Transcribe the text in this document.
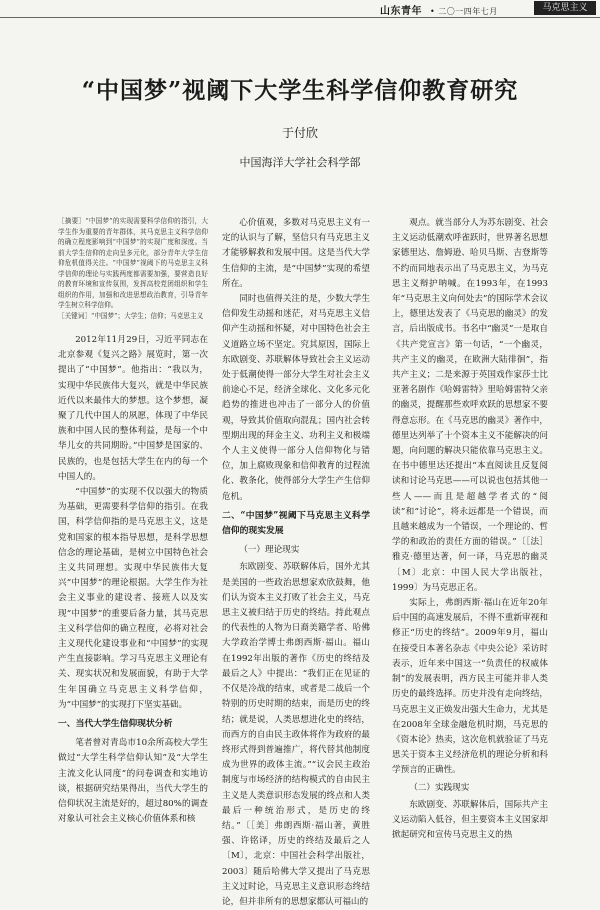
山东青年 • 二〇一四年七月	马克思主义
“中国梦”视阈下大学生科学信仰教育研究
于付欣
中国海洋大学社会科学部

［摘要］“中国梦”的实现需要科学信仰的指引，大学生作为重要的青年群体，其马克思主义科学信仰的确立程度影响到“中国梦”的实现广度和深度。当前大学生信仰的走向呈多元化，部分青年大学生信仰危机值得关注。“中国梦”视阈下的马克思主义科学信仰的理论与实践两度都需要加强，要营造良好的教育环境和宣传氛围，发挥高校党团组织和学生组织的作用，加强和改进思想政治教育，引导青年学生树立科学信仰。

［关键词］“中国梦”；大学生；信仰；马克思主义

2012年11月29日，习近平同志在北京参观《复兴之路》展览时，第一次提出了“中国梦”。他指出：“我以为，实现中华民族伟大复兴，就是中华民族近代以来最伟大的梦想。这个梦想，凝聚了几代中国人的夙愿，体现了中华民族和中国人民的整体利益，是每一个中华儿女的共同期盼。”中国梦是国家的、民族的，也是包括大学生在内的每一个中国人的。

“中国梦”的实现不仅以强大的物质为基础，更需要科学信仰的指引。在我国，科学信仰指的是马克思主义，这是党和国家的根本指导思想，是科学思想信念的理论基础，是树立中国特色社会主义共同理想。实现中华民族伟大复兴“中国梦”的理论根据。大学生作为社会主义事业的建设者、接班人以及实现“中国梦”的重要后备力量，其马克思主义科学信仰的确立程度，必将对社会主义现代化建设事业和“中国梦”的实现产生直接影响。学习马克思主义理论有关、现实状况和发展面貌，有助于大学生年国确立马克思主义科学信仰，为“中国梦”的实现打下坚实基础。

一、当代大学生信仰现状分析

笔者曾对青岛市10余所高校大学生做过“大学生科学信仰认知”及“大学生主流文化认同度”的问卷调查和实地访谈，根据研究结果得出，当代大学生的信仰状况主流是好的，超过80%的调查对象认可社会主义核心价值体系和核

心价值观，多数对马克思主义有一定的认识与了解，坚信只有马克思主义才能够解救和发展中国。这是当代大学生信仰的主流，是“中国梦”实现的希望所在。

同时也值得关注的是，少数大学生信仰发生动摇和迷茫，对马克思主义信仰产生动摇和怀疑，对中国特色社会主义道路立场不坚定。究其原因，国际上东欧剧变、苏联解体导致社会主义运动处于低潮使得一部分大学生对社会主义前途心不足，经济全球化、文化多元化趋势的推进也冲击了一部分人的价值观，导致其价值取向混乱；国内社会转型期出现的拜金主义、功利主义和极端个人主义使得一部分人信仰物化与错位，加上腐败现象和信仰教育的过程流化、教条化，使得部分大学生产生信仰危机。

二、“中国梦”视阈下马克思主义科学信仰的现实发展

（一）理论现实

东欧剧变、苏联解体后，国外尤其是美国的一些政治思想家欢欣鼓舞，他们认为资本主义打败了社会主义，马克思主义被归结于历史的终结。持此观点的代表性的人物为日裔美籍学者、哈佛大学政治学博士弗朗西斯·福山。福山在1992年出版的著作《历史的终结及最后之人》中提出：“我们正在见证的不仅是冷战的结束，或者是二战后一个特别的历史时期的结束，而是历史的终结；就是说，人类思想进化史的终结，而西方的自由民主政体将作为政府的最终形式得到普遍推广，将代替其他制度成为世界的政体主流。”“议会民主政治制度与市场经济的结构模式的自由民主主义是人类意识形态发展的终点和人类最后一种统治形式，是历史的终结。”〔［美］弗朗西斯·福山著，黄胜强、许铭译，历史的终结及最后之人〔M〕，北京：中国社会科学出版社，2003〕随后哈佛大学又提出了马克思主义过时论，马克思主义意识形态终结论，但并非所有的思想家都认可福山的

观点。就当部分人为苏东剧变、社会主义运动低潮欢呼雀跃时，世界著名思想家德里达、詹姆逊、哈贝马斯、吉登斯等不约而同地表示出了马克思主义，为马克思主义辩护呐喊。在1993年，在1993年“马克思主义向何处去”的国际学术会议上，德里达发表了《马克思的幽灵》的发言，后出版成书。书名中“幽灵”一是取自《共产党宣言》第一句话，“一个幽灵，共产主义的幽灵，在欧洲大陆徘徊”，指共产主义；二是来源于英国戏作家莎士比亚著名剧作《哈姆雷特》里哈姆雷特父亲的幽灵，提醒那些欢呼欢跃的思想家不要得意忘形。在《马克思的幽灵》著作中，德里达列举了十个资本主义不能解决的问题，向问题的解决只能依靠马克思主义。在书中德里达还提出“本直阅读且反复阅读和讨论马克思——可以说也包括其他一些人——而且是超越学者式的“阅读”和“讨论”，将永远都是一个错误，而且越来越成为一个错误，一个理论的、哲学的和政治的责任方面的错误。”〔［法］雅克·德里达著，何一译，马克思的幽灵〔M〕北京：中国人民大学出版社，1999〕为马克思正名。

实际上，弗朗西斯·福山在近年20年后中国的高速发展后，不得不重新审视和修正“历史的终结”。2009年9月，福山在接受日本著名杂志《中央公论》采访时表示，近年来中国这一“负责任的权威体制”的发展表明，西方民主可能并非人类历史的最终选择。历史并没有走向终结，马克思主义正焕发出强大生命力，尤其是在2008年全球金融危机时期，马克思的《资本论》热卖，这次危机就验证了马克思关于资本主义经济危机的理论分析和科学预言的正确性。

（二）实践现实

东欧剧变、苏联解体后，国际共产主义运动陷入低谷，但主要资本主义国家却掀起研究和宣传马克思主义的热
